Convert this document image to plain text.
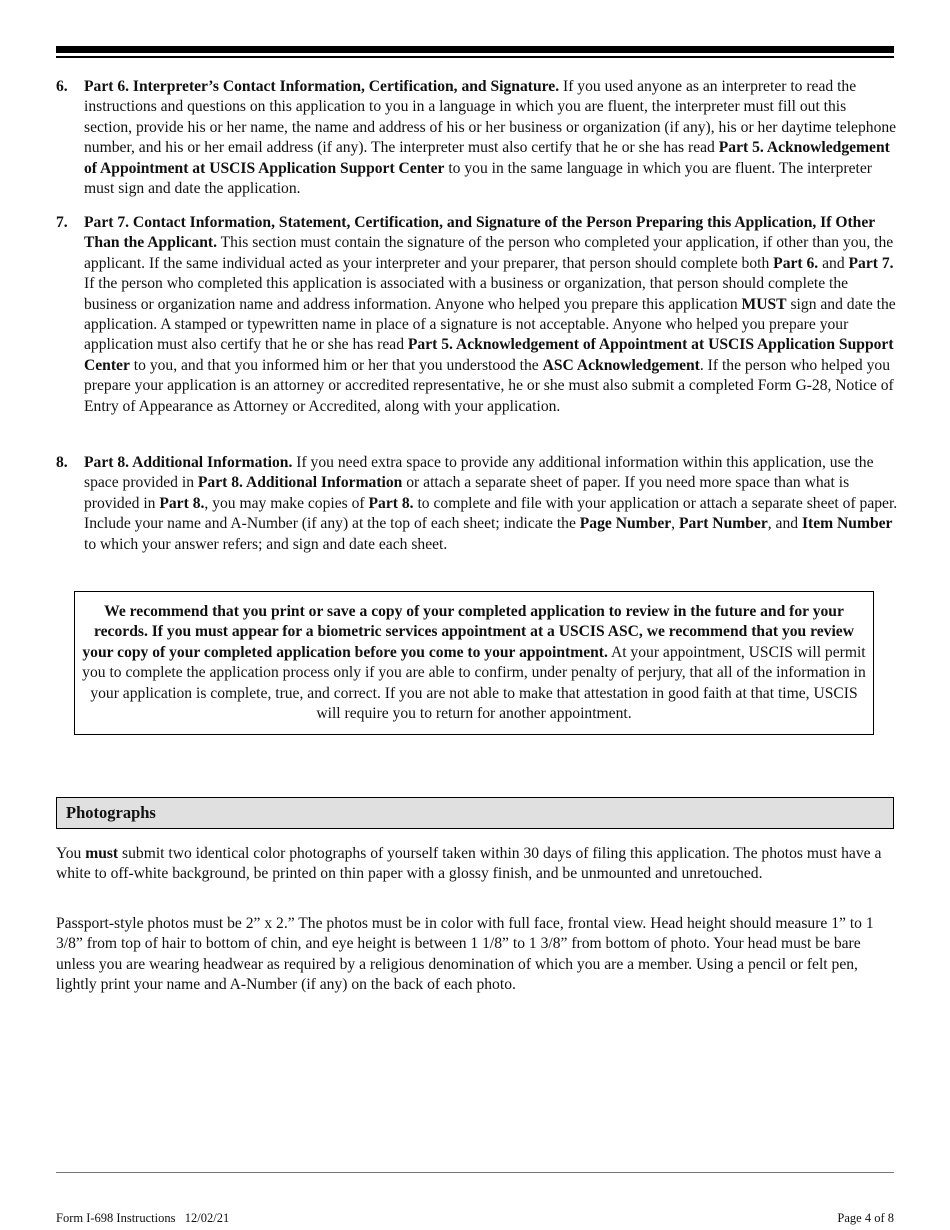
6. Part 6. Interpreter’s Contact Information, Certification, and Signature. If you used anyone as an interpreter to read the instructions and questions on this application to you in a language in which you are fluent, the interpreter must fill out this section, provide his or her name, the name and address of his or her business or organization (if any), his or her daytime telephone number, and his or her email address (if any). The interpreter must also certify that he or she has read Part 5. Acknowledgement of Appointment at USCIS Application Support Center to you in the same language in which you are fluent. The interpreter must sign and date the application.
7. Part 7. Contact Information, Statement, Certification, and Signature of the Person Preparing this Application, If Other Than the Applicant. This section must contain the signature of the person who completed your application, if other than you, the applicant. If the same individual acted as your interpreter and your preparer, that person should complete both Part 6. and Part 7. If the person who completed this application is associated with a business or organization, that person should complete the business or organization name and address information. Anyone who helped you prepare this application MUST sign and date the application. A stamped or typewritten name in place of a signature is not acceptable. Anyone who helped you prepare your application must also certify that he or she has read Part 5. Acknowledgement of Appointment at USCIS Application Support Center to you, and that you informed him or her that you understood the ASC Acknowledgement. If the person who helped you prepare your application is an attorney or accredited representative, he or she must also submit a completed Form G-28, Notice of Entry of Appearance as Attorney or Accredited, along with your application.
8. Part 8. Additional Information. If you need extra space to provide any additional information within this application, use the space provided in Part 8. Additional Information or attach a separate sheet of paper. If you need more space than what is provided in Part 8., you may make copies of Part 8. to complete and file with your application or attach a separate sheet of paper. Include your name and A-Number (if any) at the top of each sheet; indicate the Page Number, Part Number, and Item Number to which your answer refers; and sign and date each sheet.
We recommend that you print or save a copy of your completed application to review in the future and for your records. If you must appear for a biometric services appointment at a USCIS ASC, we recommend that you review your copy of your completed application before you come to your appointment. At your appointment, USCIS will permit you to complete the application process only if you are able to confirm, under penalty of perjury, that all of the information in your application is complete, true, and correct. If you are not able to make that attestation in good faith at that time, USCIS will require you to return for another appointment.
Photographs
You must submit two identical color photographs of yourself taken within 30 days of filing this application. The photos must have a white to off-white background, be printed on thin paper with a glossy finish, and be unmounted and unretouched.
Passport-style photos must be 2” x 2.” The photos must be in color with full face, frontal view. Head height should measure 1” to 1 3/8” from top of hair to bottom of chin, and eye height is between 1 1/8” to 1 3/8” from bottom of photo. Your head must be bare unless you are wearing headwear as required by a religious denomination of which you are a member. Using a pencil or felt pen, lightly print your name and A-Number (if any) on the back of each photo.
Form I-698 Instructions   12/02/21	Page 4 of 8
